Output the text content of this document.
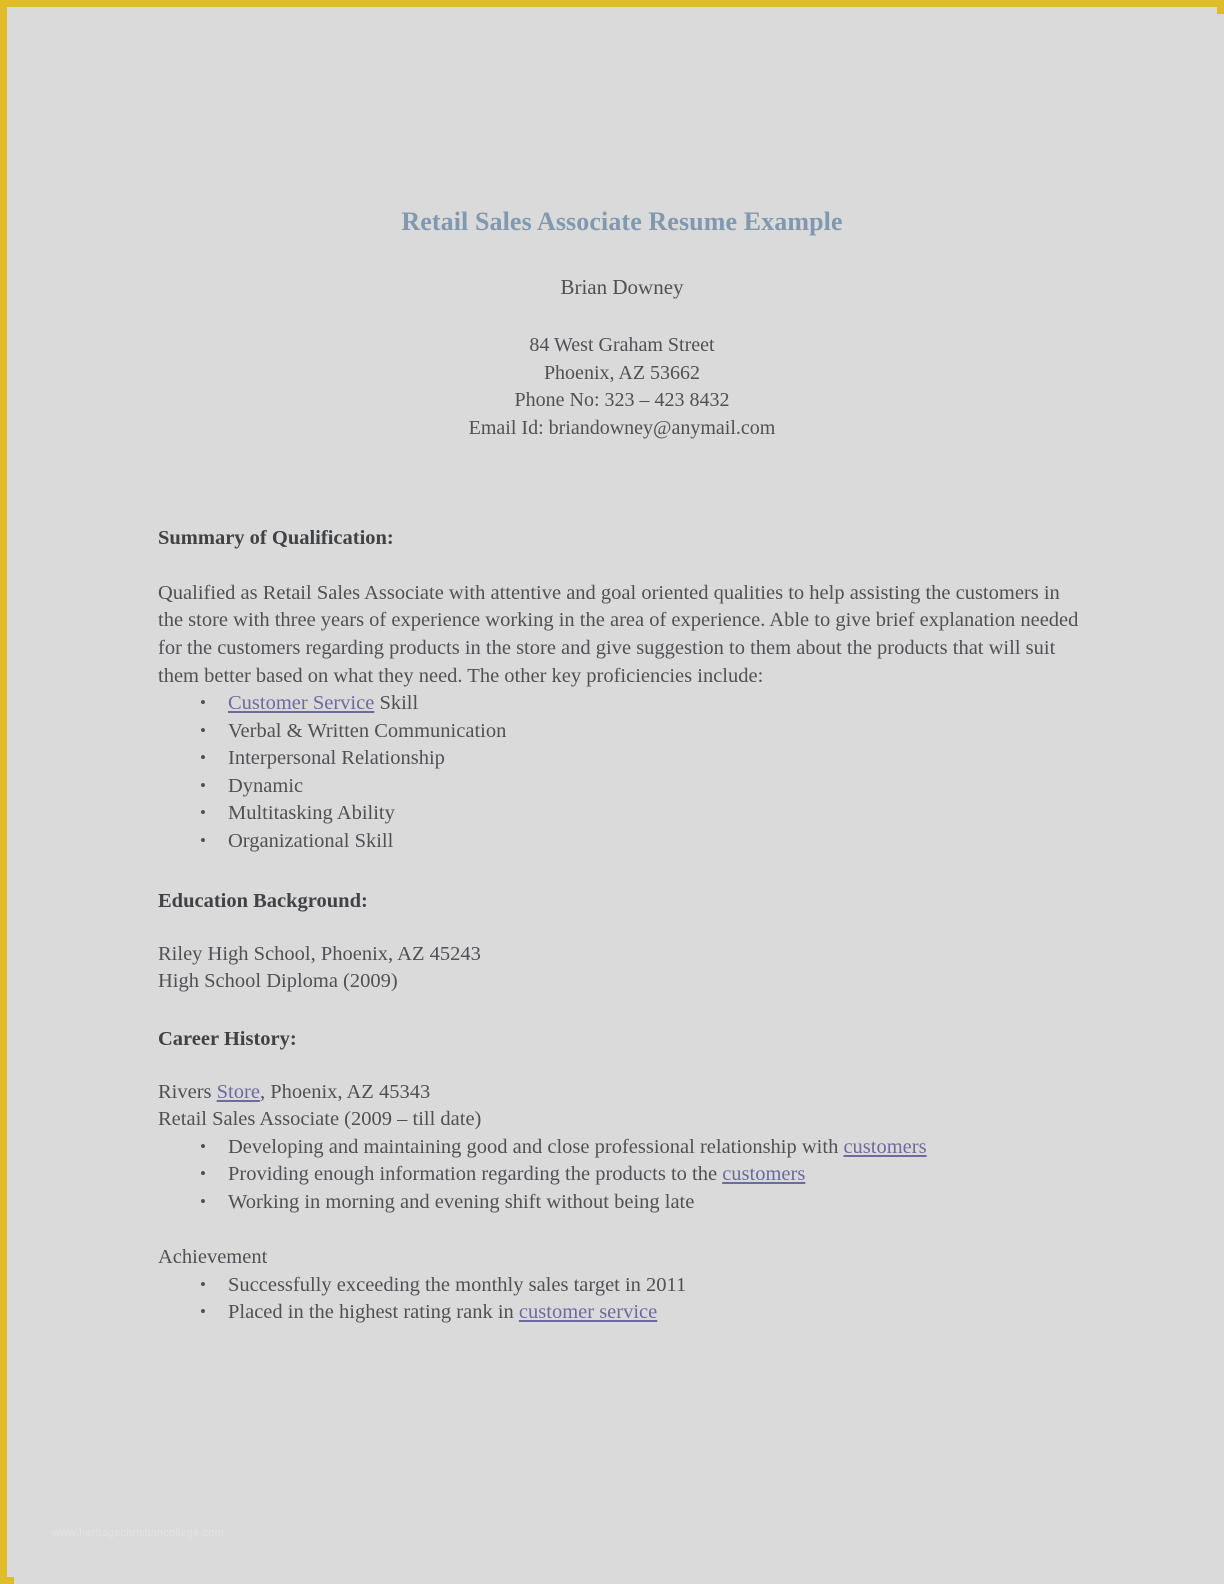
Retail Sales Associate Resume Example
Brian Downey
84 West Graham Street
Phoenix, AZ 53662
Phone No: 323 – 423 8432
Email Id: briandowney@anymail.com
Summary of Qualification:

Qualified as Retail Sales Associate with attentive and goal oriented qualities to help assisting the customers in the store with three years of experience working in the area of experience. Able to give brief explanation needed for the customers regarding products in the store and give suggestion to them about the products that will suit them better based on what they need. The other key proficiencies include:

• Customer Service Skill
• Verbal & Written Communication
• Interpersonal Relationship
• Dynamic
• Multitasking Ability
• Organizational Skill
Education Background:

Riley High School, Phoenix, AZ 45243
High School Diploma (2009)

Career History:

Rivers Store, Phoenix, AZ 45343
Retail Sales Associate (2009 – till date)

• Developing and maintaining good and close professional relationship with customers
• Providing enough information regarding the products to the customers
• Working in morning and evening shift without being late

Achievement

• Successfully exceeding the monthly sales target in 2011
• Placed in the highest rating rank in customer service
www.heritagechristiancollege.com
